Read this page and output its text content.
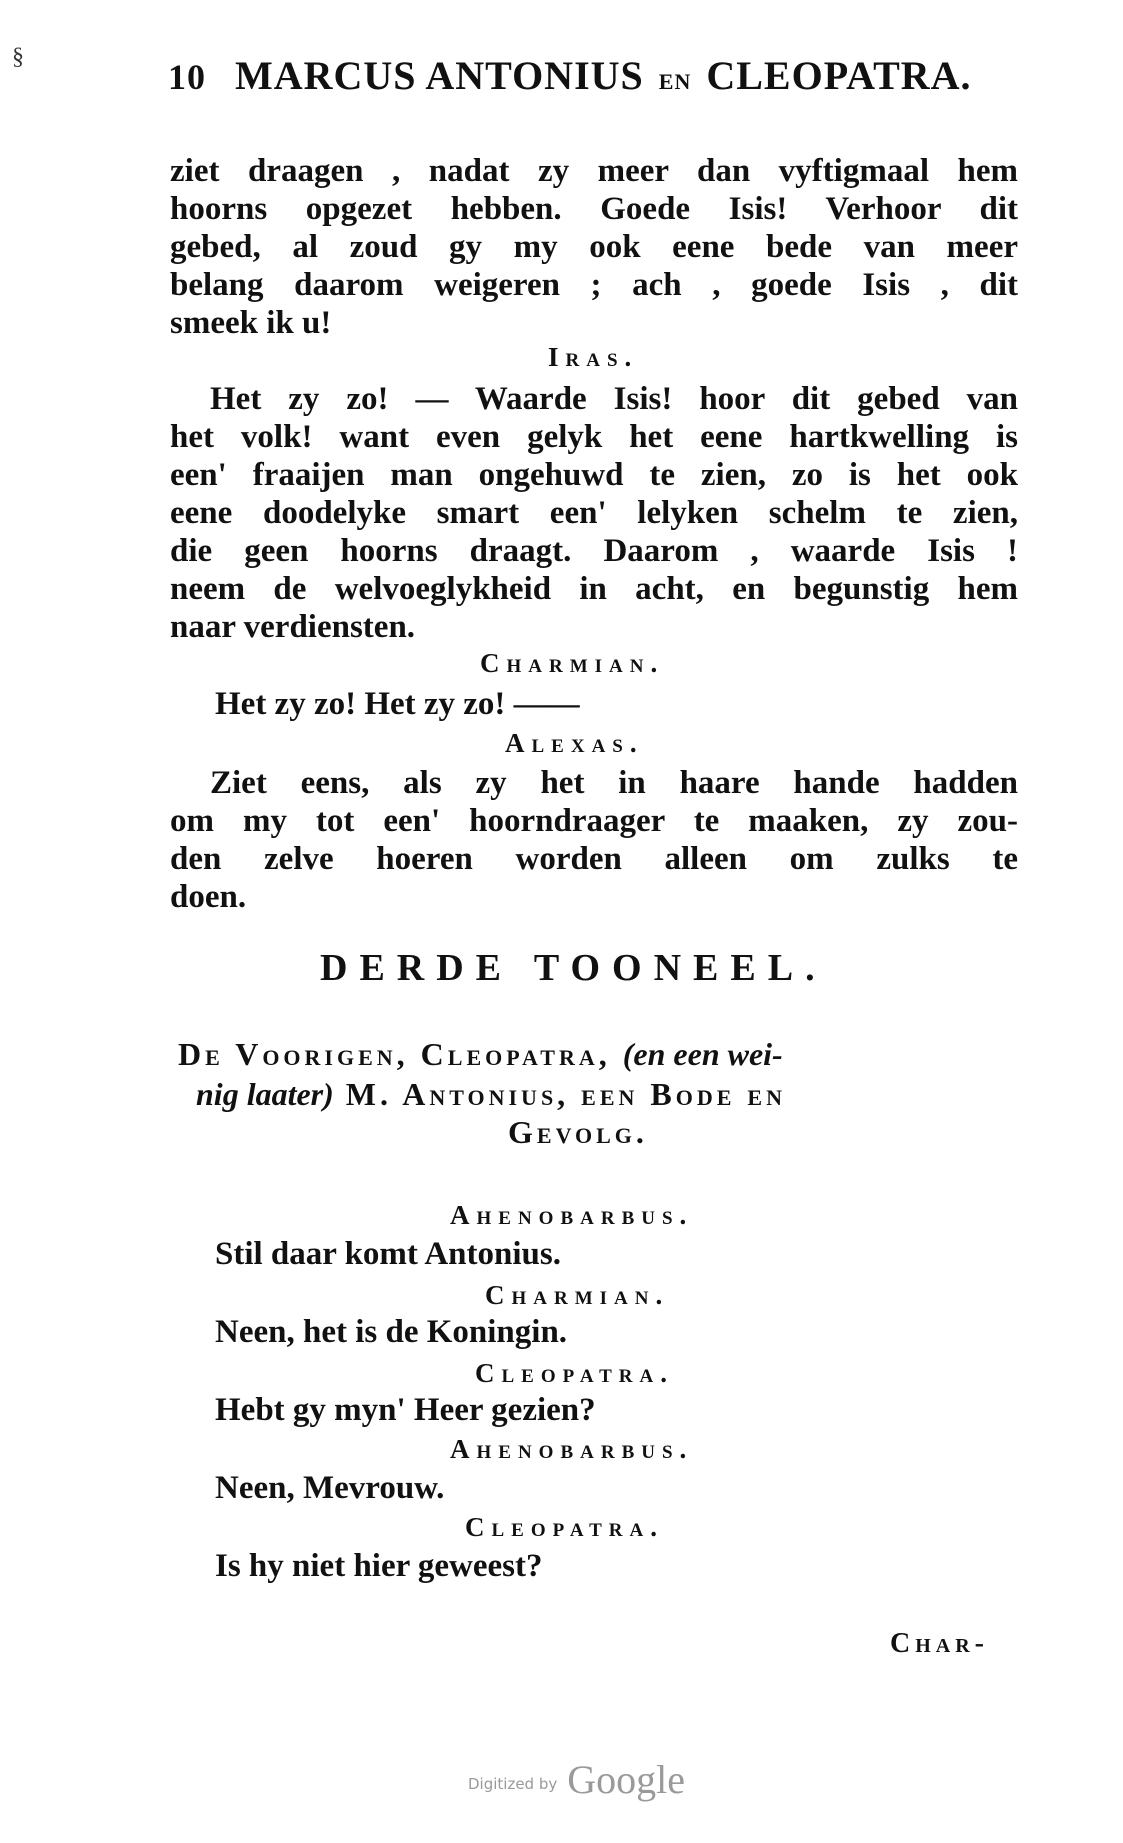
§	10 MARCUS ANTONIUS EN CLEOPATRA.
ziet draagen , nadat zy meer dan vyftigmaal hem
hoorns opgezet hebben. Goede Isis! Verhoor dit
gebed, al zoud gy my ook eene bede van meer
belang daarom weigeren ; ach , goede Isis , dit
smeek ik u!
Iras.
Het zy zo! — Waarde Isis! hoor dit gebed van
het volk! want even gelyk het eene hartkwelling is
een' fraaijen man ongehuwd te zien, zo is het ook
eene doodelyke smart een' lelyken schelm te zien,
die geen hoorns draagt. Daarom , waarde Isis !
neem de welvoeglykheid in acht, en begunstig hem
naar verdiensten.
Charmian.
Het zy zo! Het zy zo! ——
Alexas.
Ziet eens, als zy het in haare hande hadden
om my tot een' hoorndraager te maaken, zy zou-
den zelve hoeren worden alleen om zulks te
doen.
DERDE TOONEEL.
De Voorigen, Cleopatra, (en een wei-
nig laater) M. Antonius, een Bode en
Gevolg.
Ahenobarbus.
Stil daar komt Antonius.
Charmian.
Neen, het is de Koningin.
Cleopatra.
Hebt gy myn' Heer gezien?
Ahenobarbus.
Neen, Mevrouw.
Cleopatra.
Is hy niet hier geweest?
Char-
Digitized by Google
